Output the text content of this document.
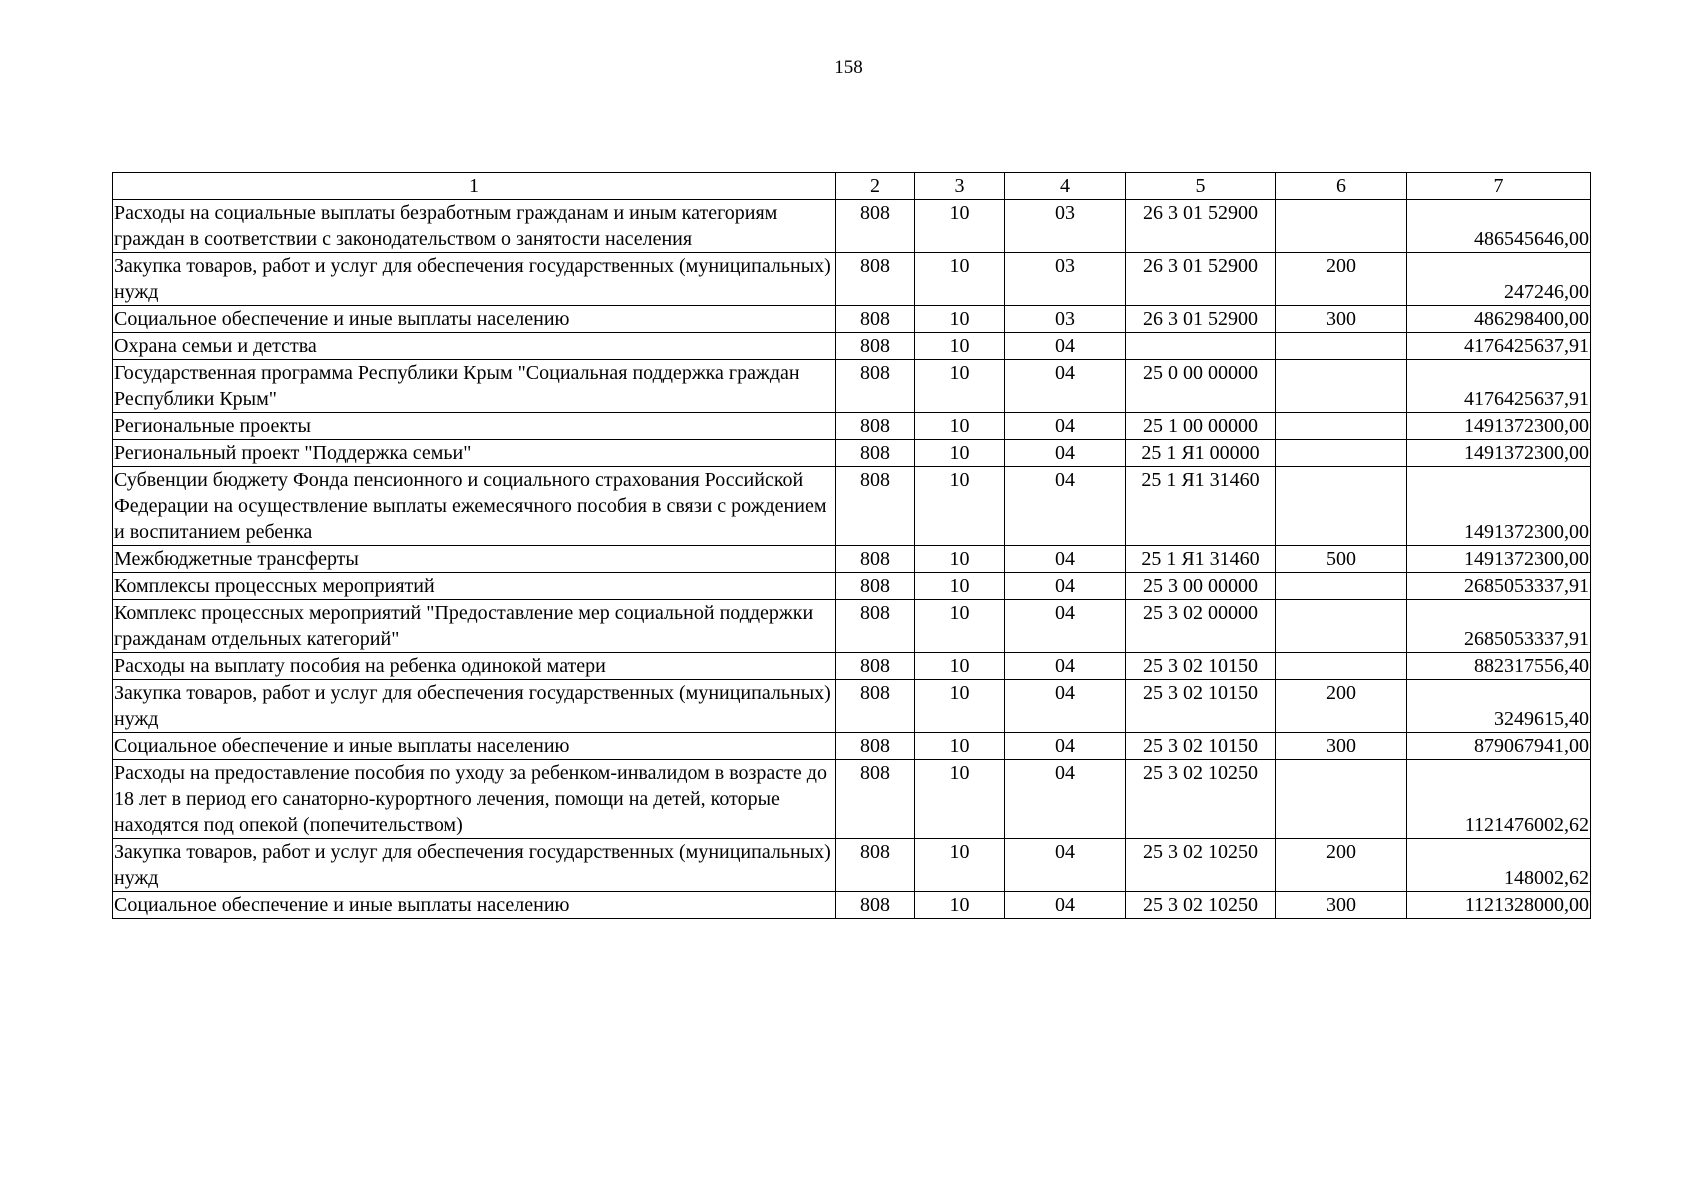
158
1	2	3	4	5	6	7
Расходы на социальные выплаты безработным гражданам и иным категориям граждан в соответствии с законодательством о занятости населения	808	10	03	26 3 01 52900		486545646,00
Закупка товаров, работ и услуг для обеспечения государственных (муниципальных) нужд	808	10	03	26 3 01 52900	200	247246,00
Социальное обеспечение и иные выплаты населению	808	10	03	26 3 01 52900	300	486298400,00
Охрана семьи и детства	808	10	04			4176425637,91
Государственная программа Республики Крым "Социальная поддержка граждан Республики Крым"	808	10	04	25 0 00 00000		4176425637,91
Региональные проекты	808	10	04	25 1 00 00000		1491372300,00
Региональный проект "Поддержка семьи"	808	10	04	25 1 Я1 00000		1491372300,00
Субвенции бюджету Фонда пенсионного и социального страхования Российской Федерации на осуществление выплаты ежемесячного пособия в связи с рождением и воспитанием ребенка	808	10	04	25 1 Я1 31460		1491372300,00
Межбюджетные трансферты	808	10	04	25 1 Я1 31460	500	1491372300,00
Комплексы процессных мероприятий	808	10	04	25 3 00 00000		2685053337,91
Комплекс процессных мероприятий "Предоставление мер социальной поддержки гражданам отдельных категорий"	808	10	04	25 3 02 00000		2685053337,91
Расходы на выплату пособия на ребенка одинокой матери	808	10	04	25 3 02 10150		882317556,40
Закупка товаров, работ и услуг для обеспечения государственных (муниципальных) нужд	808	10	04	25 3 02 10150	200	3249615,40
Социальное обеспечение и иные выплаты населению	808	10	04	25 3 02 10150	300	879067941,00
Расходы на предоставление пособия по уходу за ребенком-инвалидом в возрасте до 18 лет в период его санаторно-курортного лечения, помощи на детей, которые находятся под опекой (попечительством)	808	10	04	25 3 02 10250		1121476002,62
Закупка товаров, работ и услуг для обеспечения государственных (муниципальных) нужд	808	10	04	25 3 02 10250	200	148002,62
Социальное обеспечение и иные выплаты населению	808	10	04	25 3 02 10250	300	1121328000,00
